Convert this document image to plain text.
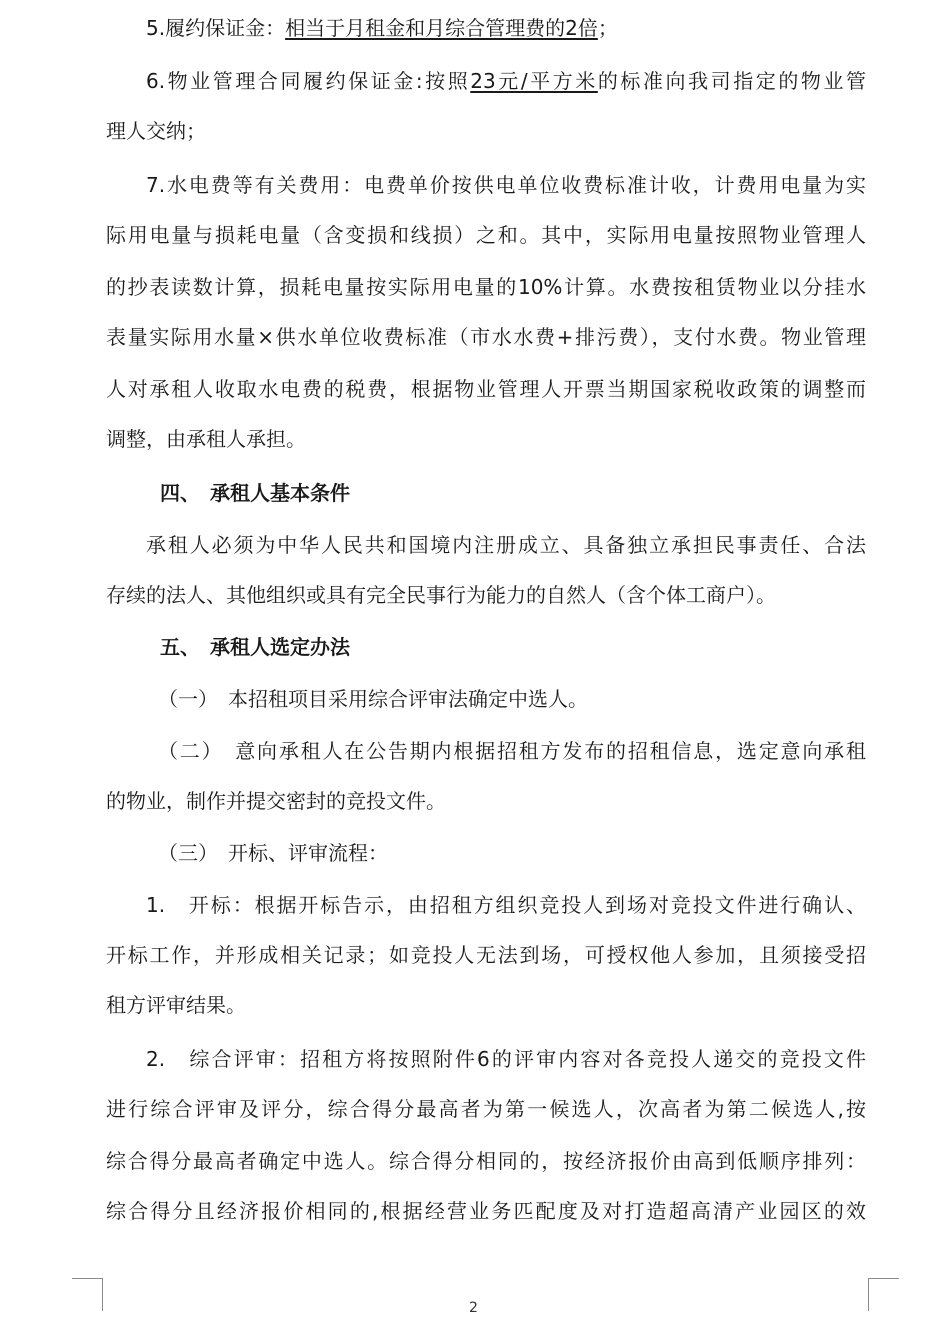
5.履约保证金：相当于月租金和月综合管理费的2倍；
6.物业管理合同履约保证金:按照23元/平方米的标准向我司指定的物业管
理人交纳；
7.水电费等有关费用：电费单价按供电单位收费标准计收，计费用电量为实
际用电量与损耗电量（含变损和线损）之和。其中，实际用电量按照物业管理人
的抄表读数计算，损耗电量按实际用电量的10%计算。水费按租赁物业以分挂水
表量实际用水量×供水单位收费标准（市水水费+排污费），支付水费。物业管理
人对承租人收取水电费的税费，根据物业管理人开票当期国家税收政策的调整而
调整，由承租人承担。
四、　承租人基本条件
承租人必须为中华人民共和国境内注册成立、具备独立承担民事责任、合法
存续的法人、其他组织或具有完全民事行为能力的自然人（含个体工商户）。
五、　承租人选定办法
（一）　本招租项目采用综合评审法确定中选人。
（二）　意向承租人在公告期内根据招租方发布的招租信息，选定意向承租
的物业，制作并提交密封的竞投文件。
（三）　开标、评审流程：
1.　开标：根据开标告示，由招租方组织竞投人到场对竞投文件进行确认、
开标工作，并形成相关记录；如竞投人无法到场，可授权他人参加，且须接受招
租方评审结果。
2.　综合评审：招租方将按照附件6的评审内容对各竞投人递交的竞投文件
进行综合评审及评分，综合得分最高者为第一候选人，次高者为第二候选人,按
综合得分最高者确定中选人。综合得分相同的，按经济报价由高到低顺序排列：
综合得分且经济报价相同的,根据经营业务匹配度及对打造超高清产业园区的效
2
